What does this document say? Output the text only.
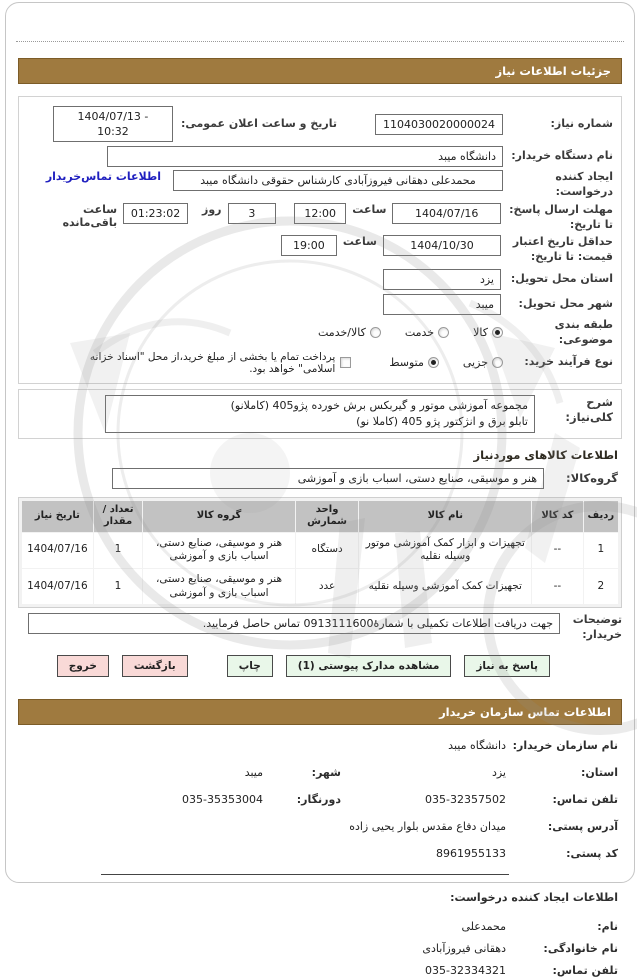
جزئیات اطلاعات نیاز
شماره نیاز:
1104030020000024
تاریخ و ساعت اعلان عمومی:
1404/07/13 - 10:32
نام دستگاه خریدار:
دانشگاه میبد
ایجاد کننده درخواست:
محمدعلی دهقانی فیروزآبادی کارشناس حقوقی دانشگاه میبد
اطلاعات تماس‌خریدار
مهلت ارسال پاسخ: تا تاریخ:
1404/07/16
ساعت
12:00
3
روز
01:23:02
ساعت باقی‌مانده
حداقل تاریخ اعتبار قیمت: تا تاریخ:
1404/10/30
ساعت
19:00
استان محل تحویل:
یزد
شهر محل تحویل:
میبد
طبقه بندی موضوعی:
کالا
خدمت
کالا/خدمت
نوع فرآیند خرید:
جزیی
متوسط
پرداخت تمام یا بخشی از مبلغ خرید،از محل "اسناد خزانه اسلامی" خواهد بود.
شرح کلی‌نیاز:
مجموعه آموزشی موتور و گیربکس برش خورده پژو405 (کاملانو)
تابلو برق و انژکتور پژو 405 (کاملا نو)
اطلاعات کالاهای موردنیاز
گروه‌کالا:
هنر و موسیقی، صنایع دستی، اسباب بازی و آموزشی
ردیف	کد کالا	نام کالا	واحد شمارش	گروه کالا	تعداد / مقدار	تاریخ نیاز
1	--	تجهیزات و ابزار کمک آموزشی موتور وسیله نقلیه	دستگاه	هنر و موسیقی، صنایع دستی، اسباب بازی و آموزشی	1	1404/07/16
2	--	تجهیزات کمک آموزشی وسیله نقلیه	عدد	هنر و موسیقی، صنایع دستی، اسباب بازی و آموزشی	1	1404/07/16
توضیحات خریدار:
جهت دریافت اطلاعات تکمیلی با شمارۀ0913111600 تماس حاصل فرمایید.
پاسخ به نیاز
مشاهده مدارک پیوستی (1)
چاپ
بازگشت
خروج
اطلاعات تماس سازمان خریدار
نام سازمان خریدار:
دانشگاه میبد
استان:
یزد
شهر:
میبد
تلفن تماس:
035-32357502
دورنگار:
035-35353004
آدرس پستی:
میدان دفاع مقدس بلوار یحیی زاده
کد پستی:
8961955133
اطلاعات ایجاد کننده درخواست:
نام:
محمدعلی
نام خانوادگی:
دهقانی فیروزآبادی
تلفن تماس:
035-32334321
